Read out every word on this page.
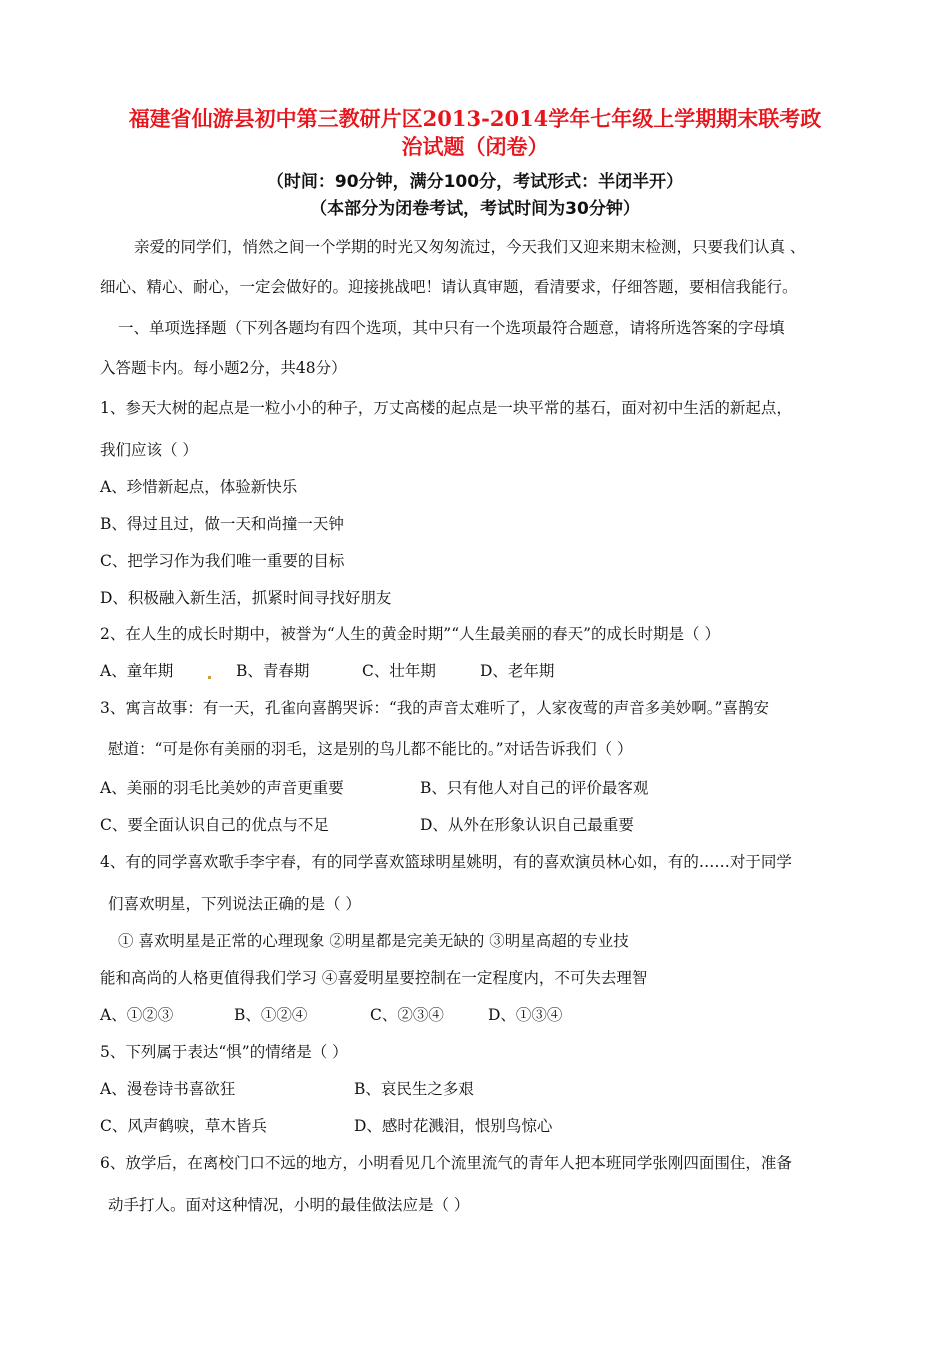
福建省仙游县初中第三教研片区2013-2014学年七年级上学期期末联考政
治试题（闭卷）
（时间：90分钟，满分100分，考试形式：半闭半开）
（本部分为闭卷考试，考试时间为30分钟）
亲爱的同学们，悄然之间一个学期的时光又匆匆流过，今天我们又迎来期末检测，只要我们认真 、
细心、精心、耐心，一定会做好的。迎接挑战吧！请认真审题，看清要求，仔细答题，要相信我能行。
一、单项选择题（下列各题均有四个选项，其中只有一个选项最符合题意，请将所选答案的字母填
入答题卡内。每小题2分，共48分）
1、参天大树的起点是一粒小小的种子，万丈高楼的起点是一块平常的基石，面对初中生活的新起点，
我们应该（ ）
A、珍惜新起点，体验新快乐
B、得过且过，做一天和尚撞一天钟
C、把学习作为我们唯一重要的目标
D、积极融入新生活，抓紧时间寻找好朋友
2、在人生的成长时期中，被誉为“人生的黄金时期”“人生最美丽的春天”的成长时期是（ ）
A、童年期	B、青春期	C、壮年期	D、老年期
3、寓言故事：有一天，孔雀向喜鹊哭诉：“我的声音太难听了，人家夜莺的声音多美妙啊。”喜鹊安
慰道：“可是你有美丽的羽毛，这是别的鸟儿都不能比的。”对话告诉我们（ ）
A、美丽的羽毛比美妙的声音更重要	B、只有他人对自己的评价最客观
C、要全面认识自己的优点与不足	D、从外在形象认识自己最重要
4、有的同学喜欢歌手李宇春，有的同学喜欢篮球明星姚明，有的喜欢演员林心如，有的……对于同学
们喜欢明星，下列说法正确的是（ ）
① 喜欢明星是正常的心理现象 ②明星都是完美无缺的 ③明星高超的专业技
能和高尚的人格更值得我们学习 ④喜爱明星要控制在一定程度内，不可失去理智
A、①②③	B、①②④	C、②③④	D、①③④
5、下列属于表达“惧”的情绪是（ ）
A、漫卷诗书喜欲狂	B、哀民生之多艰
C、风声鹤唳，草木皆兵	D、感时花溅泪，恨别鸟惊心
6、放学后，在离校门口不远的地方，小明看见几个流里流气的青年人把本班同学张刚四面围住，准备
动手打人。面对这种情况，小明的最佳做法应是（ ）
